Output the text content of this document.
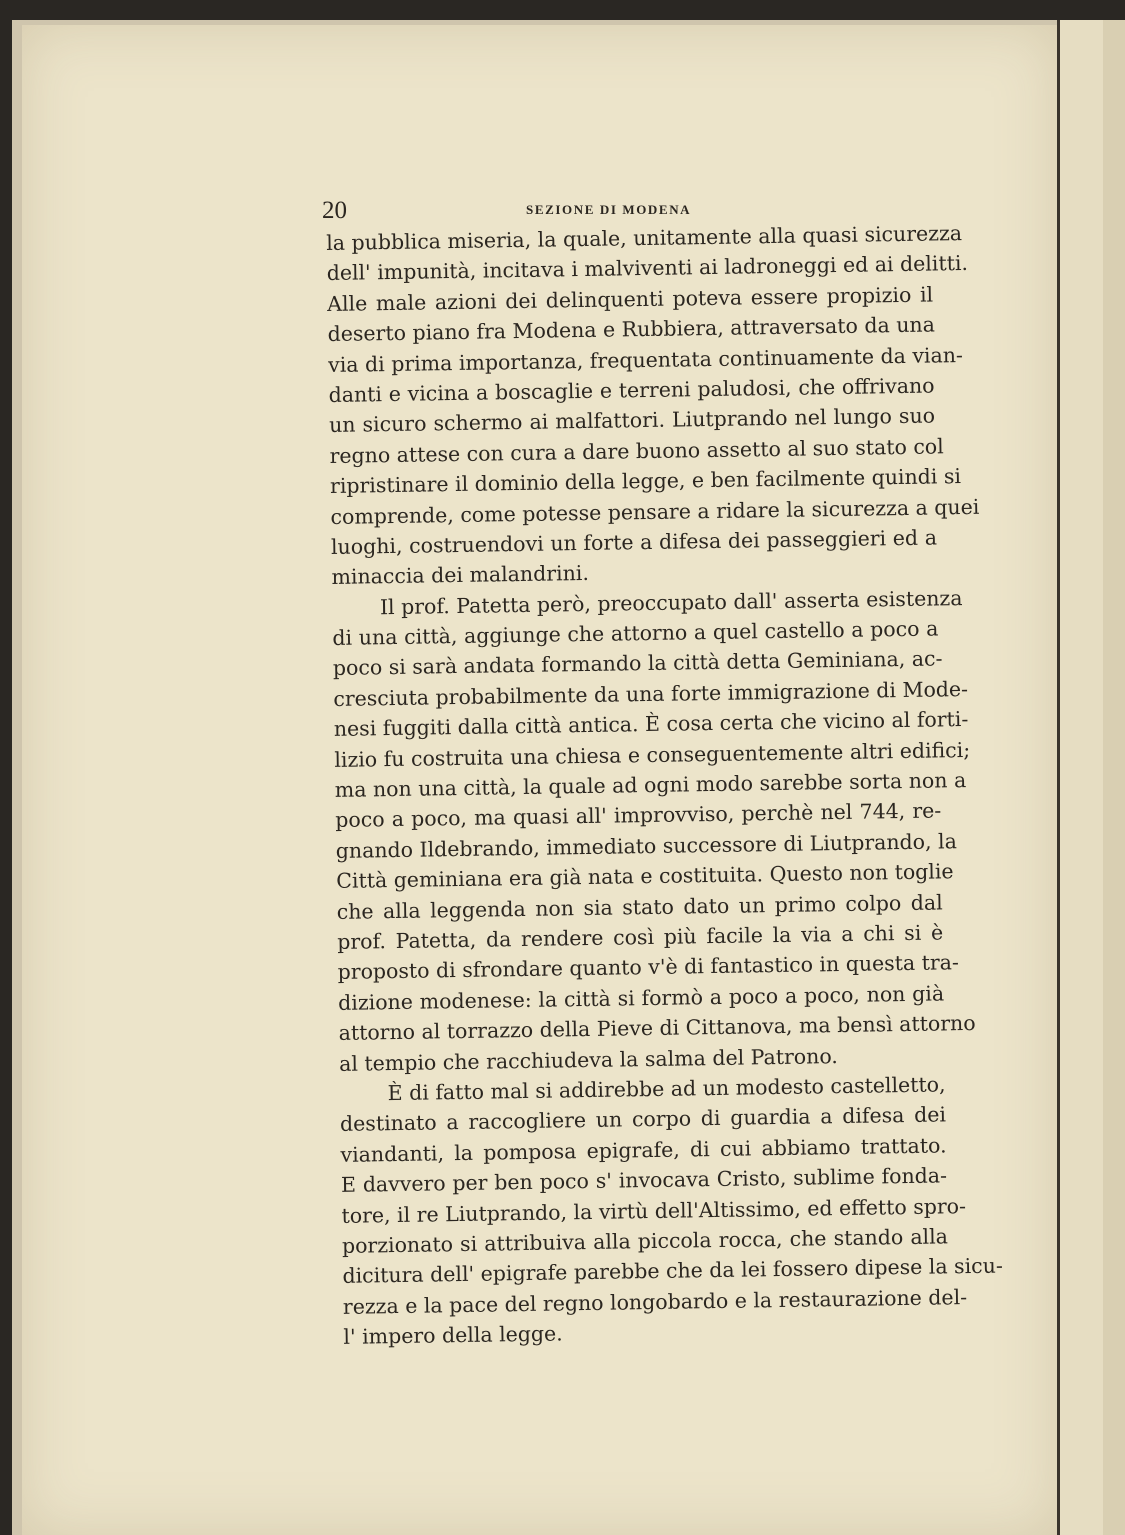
20	SEZIONE DI MODENA
la pubblica miseria, la quale, unitamente alla quasi sicurezza
dell' impunità, incitava i malviventi ai ladroneggi ed ai delitti.
Alle male azioni dei delinquenti poteva essere propizio il
deserto piano fra Modena e Rubbiera, attraversato da una
via di prima importanza, frequentata continuamente da vian-
danti e vicina a boscaglie e terreni paludosi, che offrivano
un sicuro schermo ai malfattori. Liutprando nel lungo suo
regno attese con cura a dare buono assetto al suo stato col
ripristinare il dominio della legge, e ben facilmente quindi si
comprende, come potesse pensare a ridare la sicurezza a quei
luoghi, costruendovi un forte a difesa dei passeggieri ed a
minaccia dei malandrini.
Il prof. Patetta però, preoccupato dall' asserta esistenza
di una città, aggiunge che attorno a quel castello a poco a
poco si sarà andata formando la città detta Geminiana, ac-
cresciuta probabilmente da una forte immigrazione di Mode-
nesi fuggiti dalla città antica. È cosa certa che vicino al forti-
lizio fu costruita una chiesa e conseguentemente altri edifici;
ma non una città, la quale ad ogni modo sarebbe sorta non a
poco a poco, ma quasi all' improvviso, perchè nel 744, re-
gnando Ildebrando, immediato successore di Liutprando, la
Città geminiana era già nata e costituita. Questo non toglie
che alla leggenda non sia stato dato un primo colpo dal
prof. Patetta, da rendere così più facile la via a chi si è
proposto di sfrondare quanto v'è di fantastico in questa tra-
dizione modenese: la città si formò a poco a poco, non già
attorno al torrazzo della Pieve di Cittanova, ma bensì attorno
al tempio che racchiudeva la salma del Patrono.
È di fatto mal si addirebbe ad un modesto castelletto,
destinato a raccogliere un corpo di guardia a difesa dei
viandanti, la pomposa epigrafe, di cui abbiamo trattato.
E davvero per ben poco s' invocava Cristo, sublime fonda-
tore, il re Liutprando, la virtù dell'Altissimo, ed effetto spro-
porzionato si attribuiva alla piccola rocca, che stando alla
dicitura dell' epigrafe parebbe che da lei fossero dipese la sicu-
rezza e la pace del regno longobardo e la restaurazione del-
l' impero della legge.
